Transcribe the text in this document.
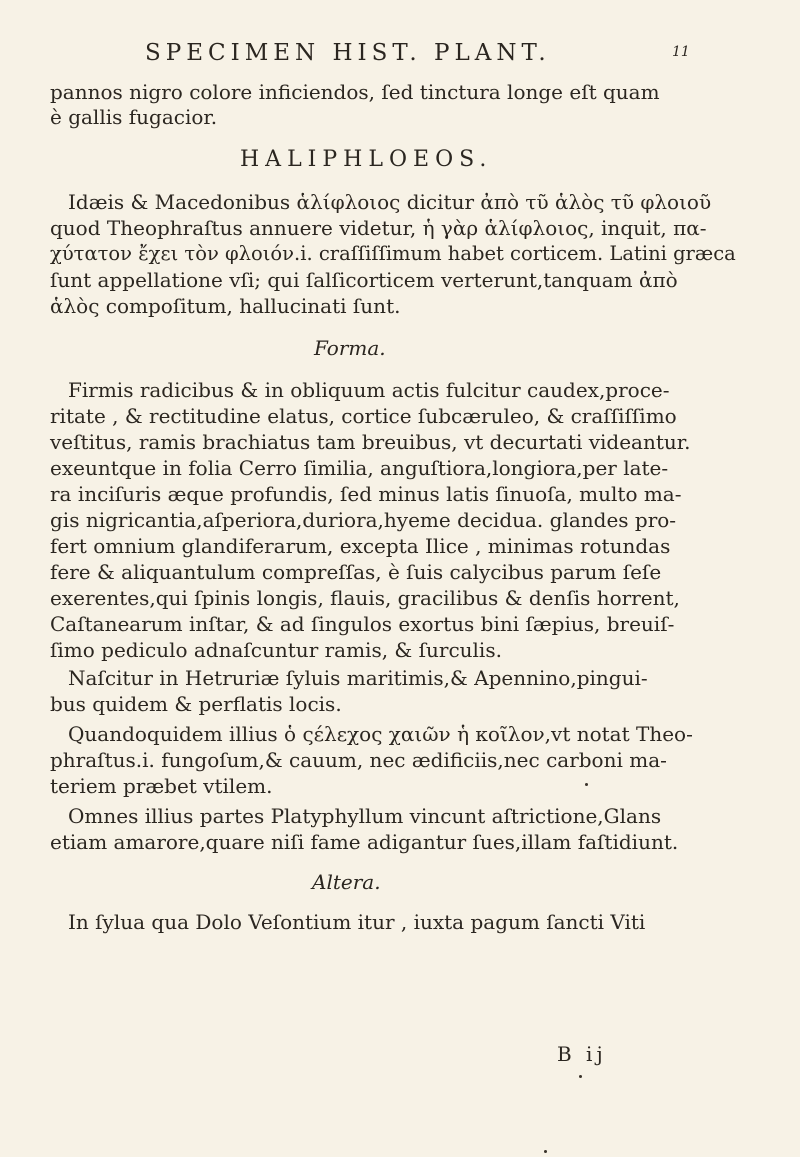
SPECIMEN HIST. PLANT.	11
pannos nigro colore inficiendos, ſed tinctura longe eſt quam
è gallis fugacior.
HALIPHLOEOS.
Idæis & Macedonibus ἁλίφλοιος dicitur ἀπὸ τῦ ἁλὸς τῦ φλοιοῦ
quod Theophraſtus annuere videtur, ἡ γὰρ ἁλίφλοιος, inquit, πα-
χύτατον ἔχει τὸν φλοιόν.i. craſſiſſimum habet corticem. Latini græca
ſunt appellatione vſi; qui ſalſicorticem verterunt,tanquam ἀπὸ
ἁλὸς compoſitum, hallucinati ſunt.
Forma.
Firmis radicibus & in obliquum actis fulcitur caudex,proce-
ritate , & rectitudine elatus, cortice ſubcæruleo, & craſſiſſimo
veſtitus, ramis brachiatus tam breuibus, vt decurtati videantur.
exeuntque in folia Cerro ſimilia, anguſtiora,longiora,per late-
ra inciſuris æque profundis, ſed minus latis ſinuoſa, multo ma-
gis nigricantia,aſperiora,duriora,hyeme decidua. glandes pro-
fert omnium glandiferarum, excepta Ilice , minimas rotundas
fere & aliquantulum compreſſas, è ſuis calycibus parum ſeſe
exerentes,qui ſpinis longis, flauis, gracilibus & denſis horrent,
Caſtanearum inſtar, & ad ſingulos exortus bini ſæpius, breuiſ-
ſimo pediculo adnaſcuntur ramis, & ſurculis.
Naſcitur in Hetruriæ ſyluis maritimis,& Apennino,pingui-
bus quidem & perflatis locis.
Quandoquidem illius ὁ ςέλεχος χαιῶν ἡ κοῖλον,vt notat Theo-
phraſtus.i. fungoſum,& cauum, nec ædificiis,nec carboni ma-
teriem præbet vtilem.
Omnes illius partes Platyphyllum vincunt aſtrictione,Glans
etiam amarore,quare niſi fame adigantur ſues,illam faſtidiunt.
Altera.
In ſylua qua Dolo Veſontium itur , iuxta pagum ſancti Viti
B ij
